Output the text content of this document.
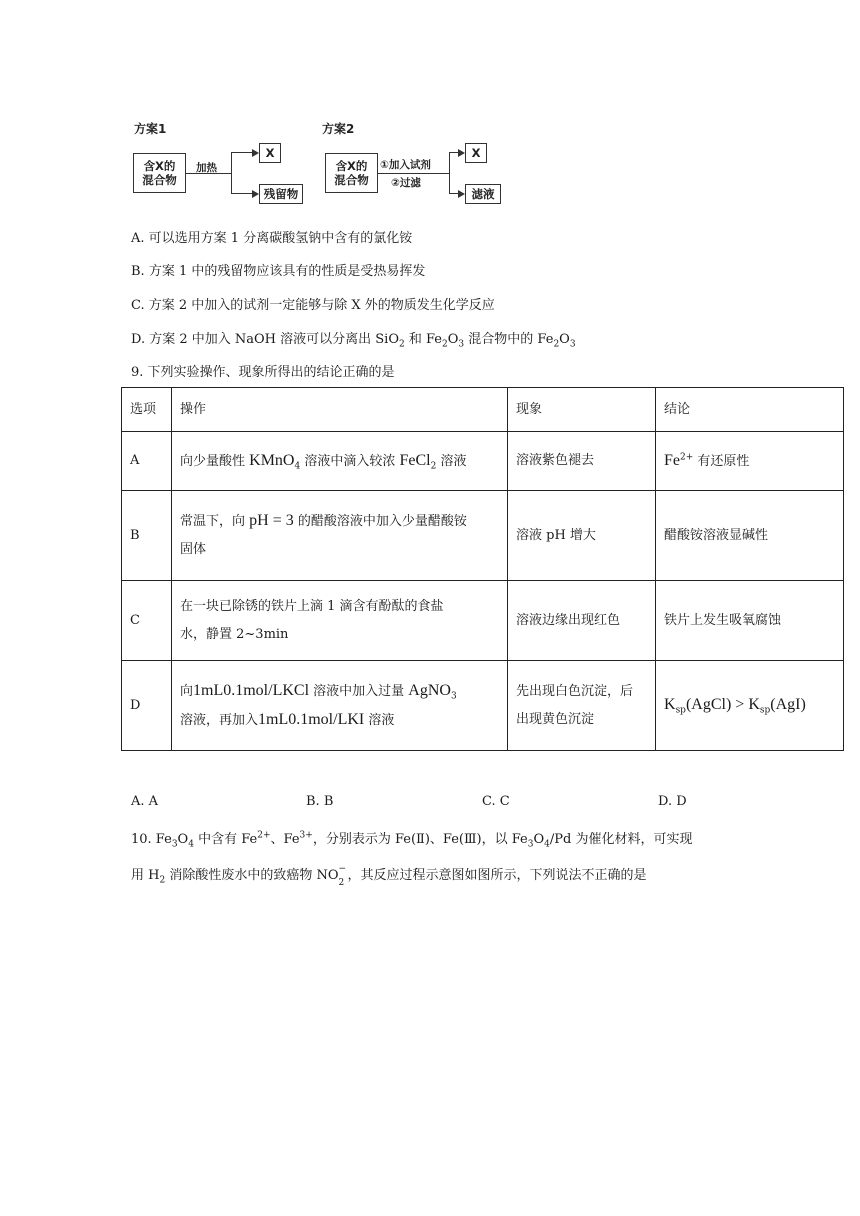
方案1
含X的
混合物
加热
X
残留物
方案2
含X的
混合物
①加入试剂
②过滤
X
滤液
A. 可以选用方案 1 分离碳酸氢钠中含有的氯化铵
B. 方案 1 中的残留物应该具有的性质是受热易挥发
C. 方案 2 中加入的试剂一定能够与除 X 外的物质发生化学反应
D. 方案 2 中加入 NaOH 溶液可以分离出 SiO$_2$ 和 $Fe_2O_3$ 混合物中的 $Fe_2O_3$
9. 下列实验操作、现象所得出的结论正确的是
选项	操作	现象	结论
A	向少量酸性 KMnO$_4$ 溶液中滴入较浓 FeCl$_2$ 溶液	溶液紫色褪去	$Fe^{2+}$ 有还原性
B	常温下，向 pH = 3 的醋酸溶液中加入少量醋酸铵
固体	溶液 pH 增大	醋酸铵溶液显碱性
C	在一块已除锈的铁片上滴 1 滴含有酚酞的食盐
水，静置 2~3min	溶液边缘出现红色	铁片上发生吸氧腐蚀
D	向1mL0.1mol/LKCl 溶液中加入过量 AgNO$_3$
溶液，再加入1mL0.1mol/LKI 溶液	先出现白色沉淀，后
出现黄色沉淀	$K_{sp}(AgCl) > K_{sp}(AgI)$
A. A	B. B	C. C	D. D
10. $Fe_3O_4$ 中含有 $Fe^{2+}$、$Fe^{3+}$，分别表示为 Fe(Ⅱ)、Fe(Ⅲ)，以 $Fe_3O_4/Pd$ 为催化材料，可实现
用 $H_2$ 消除酸性废水中的致癌物 NO −
2 ，其反应过程示意图如图所示，下列说法不正确的是
